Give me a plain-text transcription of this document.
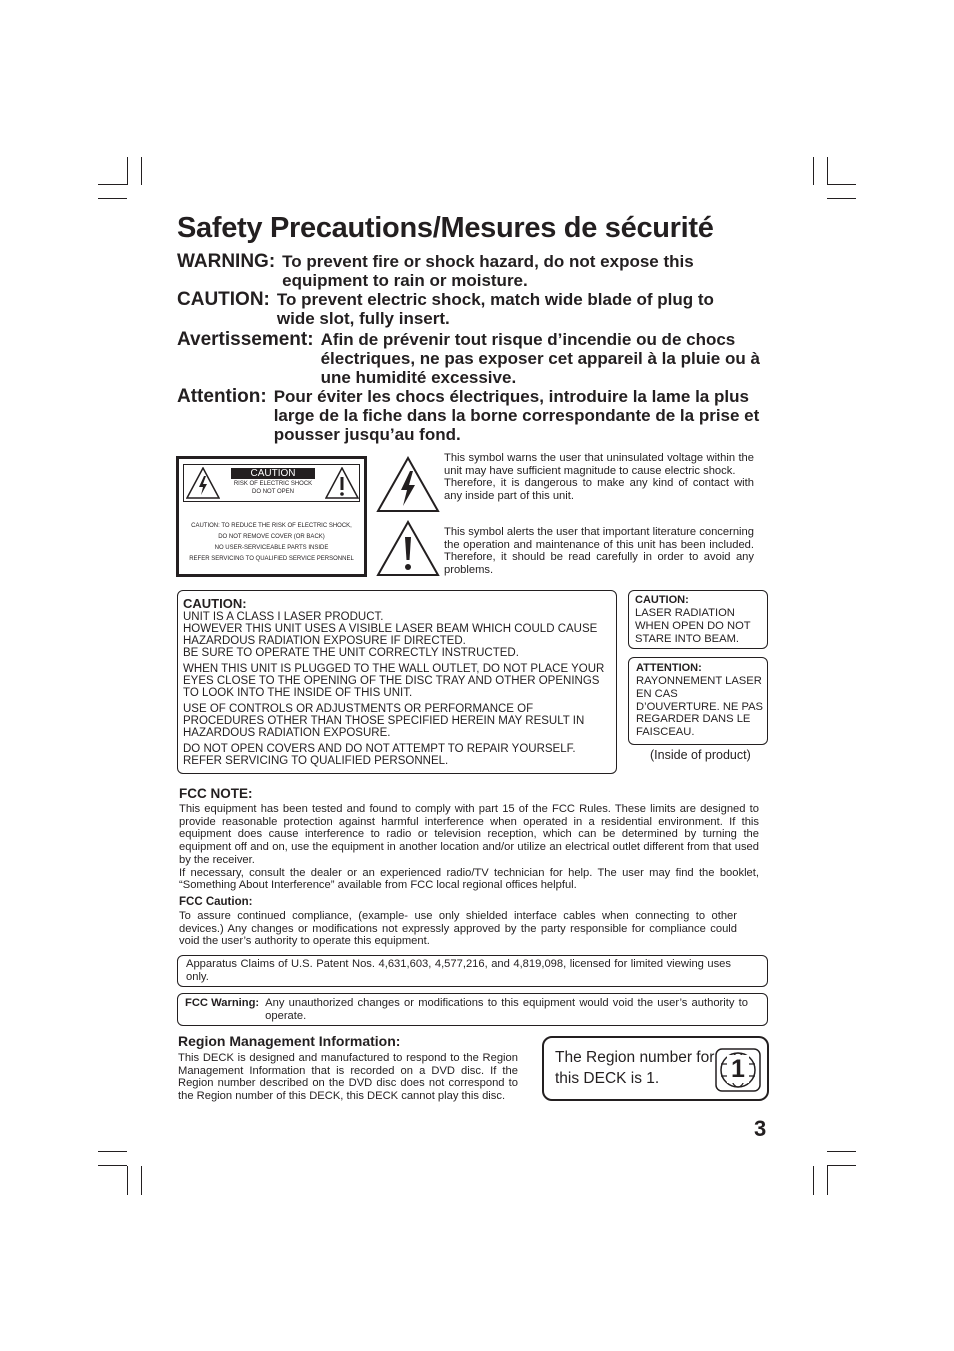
Safety Precautions/Mesures de sécurité
WARNING: To prevent fire or shock hazard, do not expose this equipment to rain or moisture.
CAUTION: To prevent electric shock, match wide blade of plug to wide slot, fully insert.
Avertissement: Afin de prévenir tout risque d’incendie ou de chocs électriques, ne pas exposer cet appareil à la pluie ou à une humidité excessive.
Attention: Pour éviter les chocs électriques, introduire la lame la plus large de la fiche dans la borne correspondante de la prise et pousser jusqu’au fond.
CAUTION
RISK OF ELECTRIC SHOCK
DO NOT OPEN
CAUTION: TO REDUCE THE RISK OF ELECTRIC SHOCK,
DO NOT REMOVE COVER (OR BACK)
NO USER-SERVICEABLE PARTS INSIDE
REFER SERVICING TO QUALIFIED SERVICE PERSONNEL

This symbol warns the user that uninsulated voltage within the unit may have sufficient magnitude to cause electric shock.

Therefore, it is dangerous to make any kind of contact with any inside part of this unit.

This symbol alerts the user that important literature concerning the operation and maintenance of this unit has been included. Therefore, it should be read carefully in order to avoid any problems.
CAUTION:

UNIT IS A CLASS I LASER PRODUCT.
HOWEVER THIS UNIT USES A VISIBLE LASER BEAM WHICH COULD CAUSE HAZARDOUS RADIATION EXPOSURE IF DIRECTED.
BE SURE TO OPERATE THE UNIT CORRECTLY INSTRUCTED.

WHEN THIS UNIT IS PLUGGED TO THE WALL OUTLET, DO NOT PLACE YOUR EYES CLOSE TO THE OPENING OF THE DISC TRAY AND OTHER OPENINGS TO LOOK INTO THE INSIDE OF THIS UNIT.

USE OF CONTROLS OR ADJUSTMENTS OR PERFORMANCE OF PROCEDURES OTHER THAN THOSE SPECIFIED HEREIN MAY RESULT IN HAZARDOUS RADIATION EXPOSURE.

DO NOT OPEN COVERS AND DO NOT ATTEMPT TO REPAIR YOURSELF. REFER SERVICING TO QUALIFIED PERSONNEL.

CAUTION:
LASER RADIATION WHEN OPEN DO NOT STARE INTO BEAM.
ATTENTION:
RAYONNEMENT LASER EN CAS D’OUVERTURE. NE PAS REGARDER DANS LE FAISCEAU.
(Inside of product)
FCC NOTE:

This equipment has been tested and found to comply with part 15 of the FCC Rules. These limits are designed to provide reasonable protection against harmful interference when operated in a residential environment. If this equipment does cause interference to radio or television reception, which can be determined by turning the equipment off and on, use the equipment in another location and/or utilize an electrical outlet different from that used by the receiver.

If necessary, consult the dealer or an experienced radio/TV technician for help. The user may find the booklet, “Something About Interference” available from FCC local regional offices helpful.

FCC Caution:
To assure continued compliance, (example- use only shielded interface cables when connecting to other devices.) Any changes or modifications not expressly approved by the party responsible for compliance could void the user’s authority to operate this equipment.
Apparatus Claims of U.S. Patent Nos. 4,631,603, 4,577,216, and 4,819,098, licensed for limited viewing uses only.
FCC Warning: Any unauthorized changes or modifications to this equipment would void the user’s authority to operate.
Region Management Information:
This DECK is designed and manufactured to respond to the Region Management Information that is recorded on a DVD disc. If the Region number described on the DVD disc does not correspond to the Region number of this DECK, this DECK cannot play this disc.
The Region number for this DECK is 1.	1
3
